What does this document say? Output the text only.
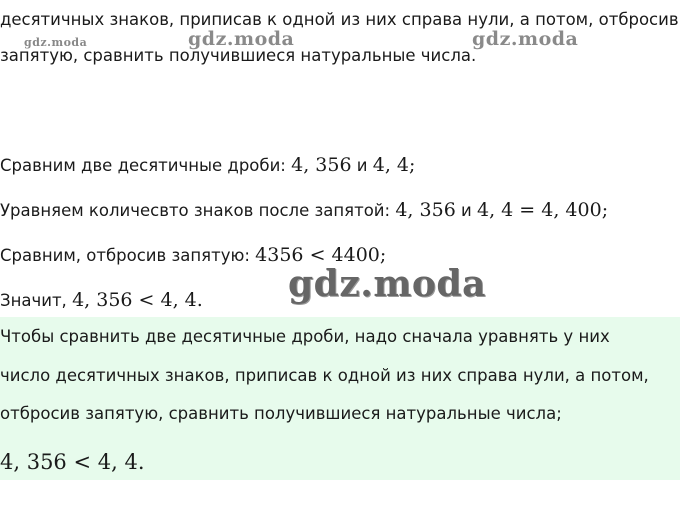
десятичных знаков, приписав к одной из них справа нули, а потом, отбросив
запятую, сравнить получившиеся натуральные числа.
gdz.moda	gdz.moda	gdz.moda
Сравним две десятичные дроби: 4, 356 и 4, 4;
Уравняем количесвто знаков после запятой: 4, 356 и 4, 4 = 4, 400;
Сравним, отбросив запятую: 4356 < 4400;
Значит, 4, 356 < 4, 4. gdz.moda
Чтобы сравнить две десятичные дроби, надо сначала уравнять у них
число десятичных знаков, приписав к одной из них справа нули, а потом,
отбросив запятую, сравнить получившиеся натуральные числа;
4, 356 < 4, 4.
